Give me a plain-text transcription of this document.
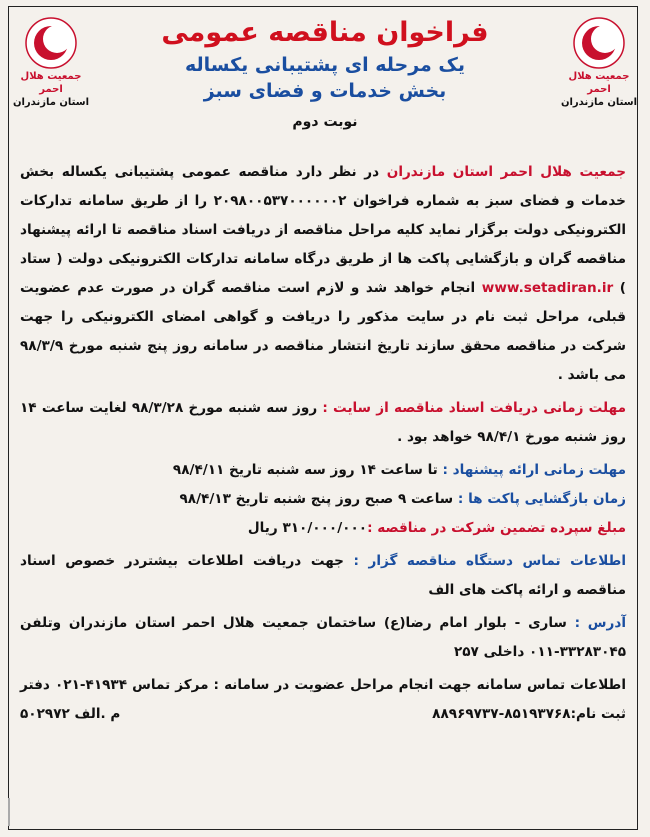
جمعیت هلال احمر
استان مازندران
جمعیت هلال احمر
استان مازندران
فراخوان مناقصه عمومی
یک مرحله ای پشتیبانی یکساله
بخش خدمات و فضای سبز
نوبت دوم

جمعیت هلال احمر استان مازندران در نظر دارد مناقصه عمومی پشتیبانی یکساله بخش خدمات و فضای سبز به شماره فراخوان ۲۰۹۸۰۰۵۳۷۰۰۰۰۰۰۲ را از طریق سامانه تدارکات الکترونیکی دولت برگزار نماید کلیه مراحل مناقصه از دریافت اسناد مناقصه تا ارائه پیشنهاد مناقصه گران و بازگشایی پاکت ها از طریق درگاه سامانه تدارکات الکترونیکی دولت ( ستاد ) www.setadiran.ir انجام خواهد شد و لازم است مناقصه گران در صورت عدم عضویت قبلی، مراحل ثبت نام در سایت مذکور را دریافت و گواهی امضای الکترونیکی را جهت شرکت در مناقصه محقق سازند تاریخ انتشار مناقصه در سامانه روز پنج شنبه مورخ ۹۸/۳/۹ می باشد .

مهلت زمانی دریافت اسناد مناقصه از سایت : روز سه شنبه مورخ ۹۸/۳/۲۸ لغایت ساعت ۱۴ روز شنبه مورخ ۹۸/۴/۱ خواهد بود .

مهلت زمانی ارائه پیشنهاد : تا ساعت ۱۴ روز سه شنبه تاریخ ۹۸/۴/۱۱

زمان بازگشایی پاکت ها : ساعت ۹ صبح روز پنج شنبه تاریخ ۹۸/۴/۱۳

مبلغ سپرده تضمین شرکت در مناقصه :۳۱۰/۰۰۰/۰۰۰ ریال

اطلاعات تماس دستگاه مناقصه گزار : جهت دریافت اطلاعات بیشتردر خصوص اسناد مناقصه و ارائه پاکت های الف

آدرس : ساری - بلوار امام رضا(ع) ساختمان جمعیت هلال احمر استان مازندران وتلفن ۳۳۲۸۳۰۴۵-۰۱۱ داخلی ۲۵۷

اطلاعات تماس سامانه جهت انجام مراحل عضویت در سامانه : مرکز تماس ۴۱۹۳۴-۰۲۱ دفتر ثبت نام:۸۵۱۹۳۷۶۸-۸۸۹۶۹۷۳۷

م .الف ۵۰۲۹۷۲
